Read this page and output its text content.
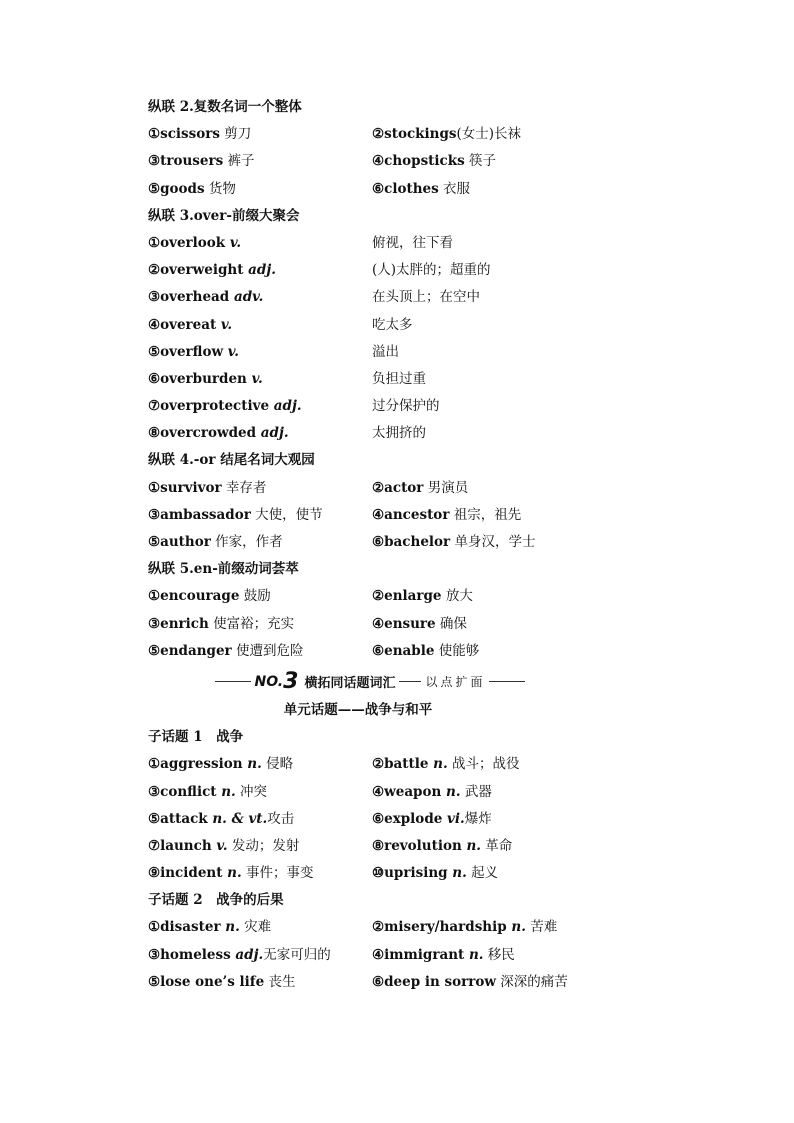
纵联 2.复数名词一个整体
①scissors 剪刀	②stockings(女士)长袜
③trousers 裤子	④chopsticks 筷子
⑤goods 货物	⑥clothes 衣服
纵联 3.over-前缀大聚会
①overlook v.	俯视，往下看
②overweight adj.	(人)太胖的；超重的
③overhead adv.	在头顶上；在空中
④overeat v.	吃太多
⑤overflow v.	溢出
⑥overburden v.	负担过重
⑦overprotective adj.	过分保护的
⑧overcrowded adj.	太拥挤的
纵联 4.-or 结尾名词大观园
①survivor 幸存者	②actor 男演员
③ambassador 大使，使节	④ancestor 祖宗，祖先
⑤author 作家，作者	⑥bachelor 单身汉，学士
纵联 5.en-前缀动词荟萃
①encourage 鼓励	②enlarge 放大
③enrich 使富裕；充实	④ensure 确保
⑤endanger 使遭到危险	⑥enable 使能够
NO. 3 横拓同话题词汇	以点扩面
单元话题——战争与和平
子话题 1　战争
①aggression n. 侵略	②battle n. 战斗；战役
③conflict n. 冲突	④weapon n. 武器
⑤attack n. & vt.攻击	⑥explode vi.爆炸
⑦launch v. 发动；发射	⑧revolution n. 革命
⑨incident n. 事件；事变	⑩uprising n. 起义
子话题 2　战争的后果
①disaster n. 灾难	②misery/hardship n. 苦难
③homeless adj.无家可归的	④immigrant n. 移民
⑤lose one’s life 丧生	⑥deep in sorrow 深深的痛苦
